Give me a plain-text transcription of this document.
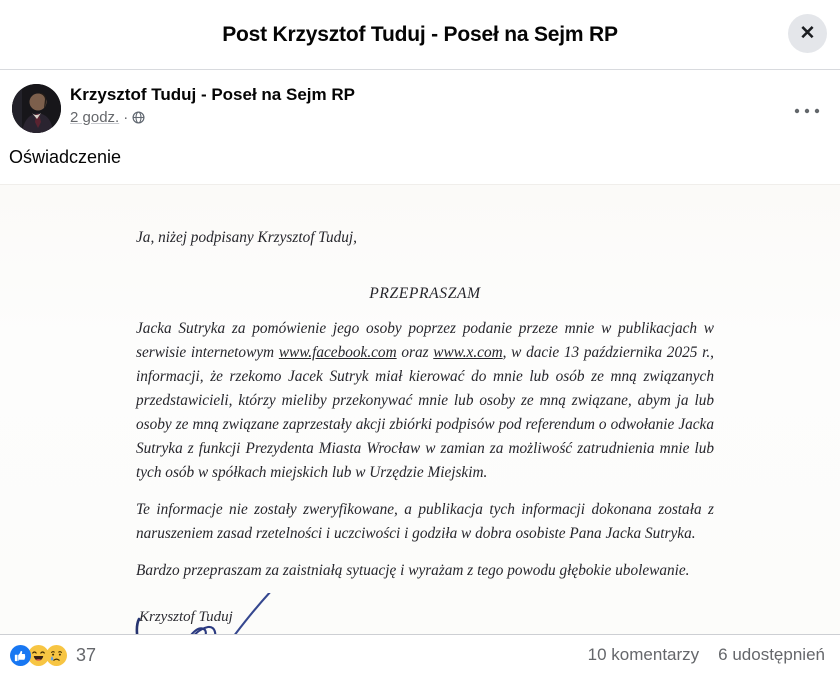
Post Krzysztof Tuduj - Poseł na Sejm RP	✕
Krzysztof Tuduj - Poseł na Sejm RP
2 godz. ·
Oświadczenie

Ja, niżej podpisany Krzysztof Tuduj,

PRZEPRASZAM

Jacka Sutryka za pomówienie jego osoby poprzez podanie przeze mnie w publikacjach w serwisie internetowym www.facebook.com oraz www.x.com, w dacie 13 października 2025 r., informacji, że rzekomo Jacek Sutryk miał kierować do mnie lub osób ze mną związanych przedstawicieli, którzy mieliby przekonywać mnie lub osoby ze mną związane, abym ja lub osoby ze mną związane zaprzestały akcji zbiórki podpisów pod referendum o odwołanie Jacka Sutryka z funkcji Prezydenta Miasta Wrocław w zamian za możliwość zatrudnienia mnie lub tych osób w spółkach miejskich lub w Urzędzie Miejskim.

Te informacje nie zostały zweryfikowane, a publikacja tych informacji dokonana została z naruszeniem zasad rzetelności i uczciwości i godziła w dobra osobiste Pana Jacka Sutryka.

Bardzo przepraszam za zaistniałą sytuację i wyrażam z tego powodu głębokie ubolewanie.

Krzysztof Tuduj
37	10 komentarzy 6 udostępnień
